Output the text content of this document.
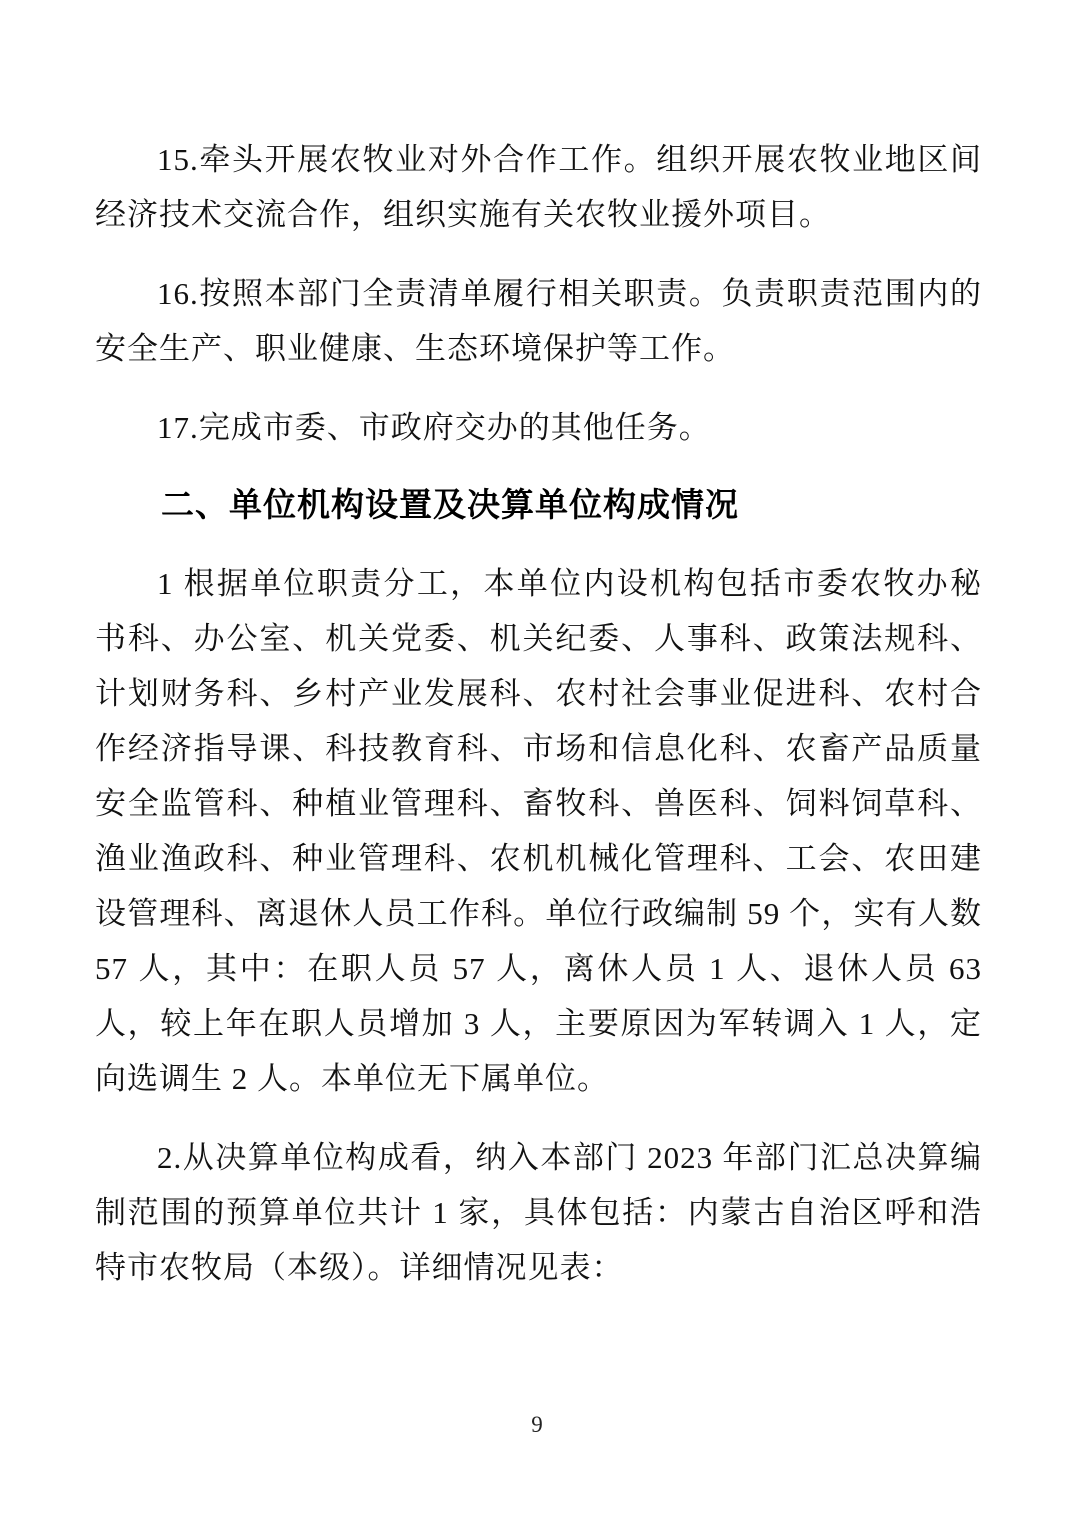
15.牵头开展农牧业对外合作工作。组织开展农牧业地区间经济技术交流合作，组织实施有关农牧业援外项目。

16.按照本部门全责清单履行相关职责。负责职责范围内的安全生产、职业健康、生态环境保护等工作。

17.完成市委、市政府交办的其他任务。

二、单位机构设置及决算单位构成情况

1 根据单位职责分工，本单位内设机构包括市委农牧办秘书科、办公室、机关党委、机关纪委、人事科、政策法规科、计划财务科、乡村产业发展科、农村社会事业促进科、农村合作经济指导课、科技教育科、市场和信息化科、农畜产品质量安全监管科、种植业管理科、畜牧科、兽医科、饲料饲草科、渔业渔政科、种业管理科、农机机械化管理科、工会、农田建设管理科、离退休人员工作科。单位行政编制 59 个，实有人数 57 人，其中：在职人员 57 人，离休人员 1 人、退休人员 63 人，较上年在职人员增加 3 人，主要原因为军转调入 1 人，定向选调生 2 人。本单位无下属单位。

2.从决算单位构成看，纳入本部门 2023 年部门汇总决算编制范围的预算单位共计 1 家，具体包括：内蒙古自治区呼和浩特市农牧局（本级）。详细情况见表：

9
